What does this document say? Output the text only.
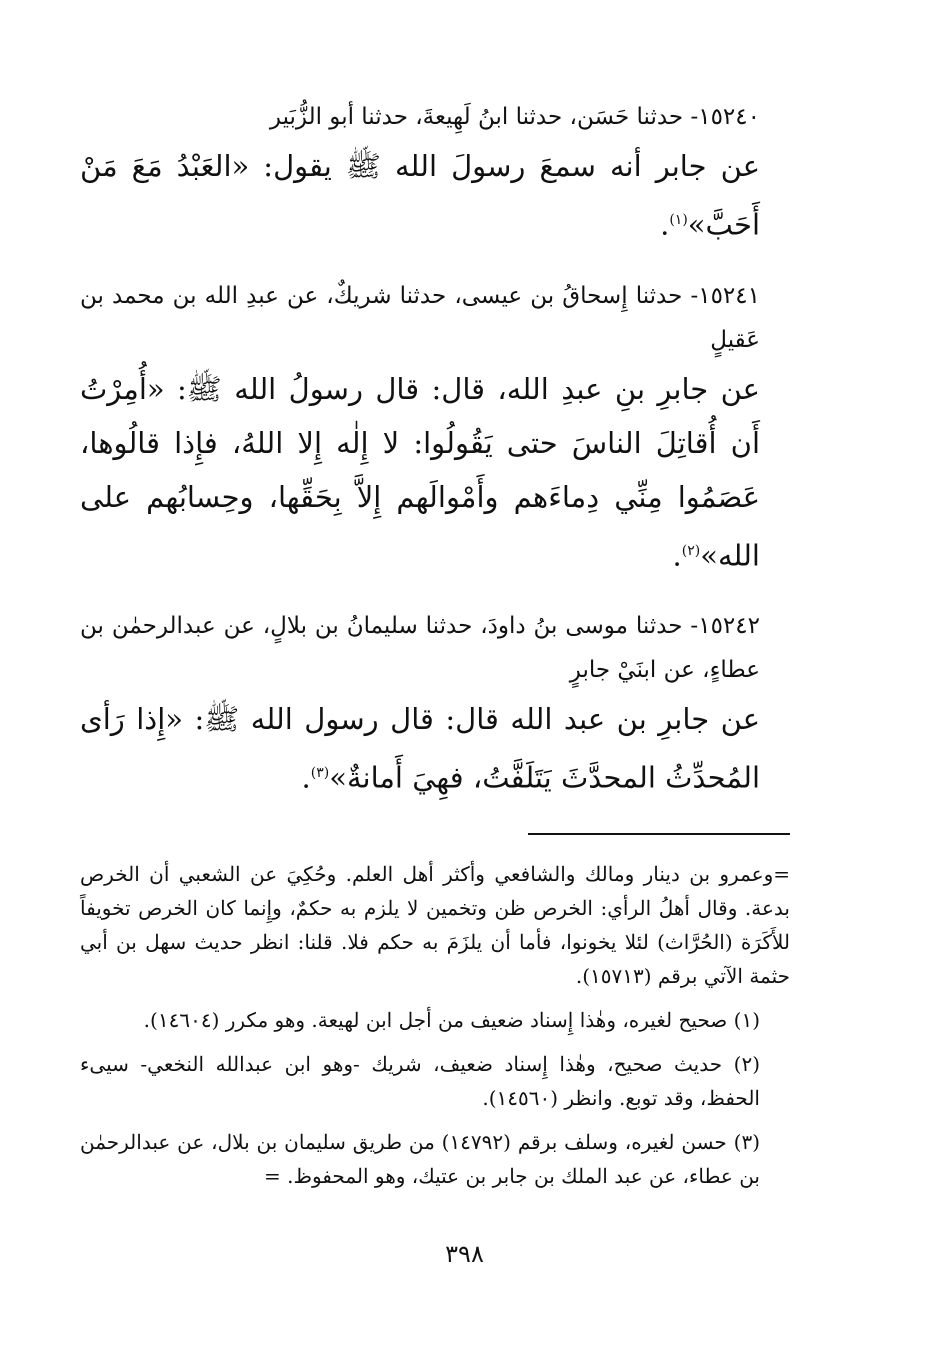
١٥٢٤٠- حدثنا حَسَن، حدثنا ابنُ لَهِيعةَ، حدثنا أبو الزُّبَير

عن جابر أنه سمعَ رسولَ الله ﷺ يقول: «العَبْدُ مَعَ مَنْ أَحَبَّ»$^{(١)}$.

١٥٢٤١- حدثنا إِسحاقُ بن عيسى، حدثنا شريكٌ، عن عبدِ الله بن محمد بن عَقيلٍ

عن جابرِ بنِ عبدِ الله، قال: قال رسولُ الله ﷺ: «أُمِرْتُ أَن أُقاتِلَ الناسَ حتى يَقُولُوا: لا إِلٰه إِلا اللهُ، فإِذا قالُوها، عَصَمُوا مِنِّي دِماءَهم وأَمْوالَهم إِلاَّ بِحَقِّها، وحِسابُهم على الله»$^{(٢)}$.

١٥٢٤٢- حدثنا موسى بنُ داودَ، حدثنا سليمانُ بن بلالٍ، عن عبدالرحمٰن بن عطاءٍ، عن ابنَيْ جابرٍ

عن جابرِ بن عبد الله قال: قال رسول الله ﷺ: «إِذا رَأى المُحدِّثُ المحدَّثَ يَتَلَفَّتُ، فهِيَ أَمانةٌ»$^{(٣)}$.

=وعمرو بن دينار ومالك والشافعي وأكثر أهل العلم. وحُكِيَ عن الشعبي أن الخرص بدعة. وقال أهلُ الرأي: الخرص ظن وتخمين لا يلزم به حكمٌ، وإِنما كان الخرص تخويفاً للأَكَرَة (الحُرَّاث) لئلا يخونوا، فأما أن يلزَمَ به حكم فلا. قلنا: انظر حديث سهل بن أبي حثمة الآتي برقم (١٥٧١٣).

(١) صحيح لغيره، وهٰذا إِسناد ضعيف من أجل ابن لهيعة. وهو مكرر (١٤٦٠٤).

(٢) حديث صحيح، وهٰذا إِسناد ضعيف، شريك -وهو ابن عبدالله النخعي- سيىء الحفظ، وقد توبع. وانظر (١٤٥٦٠).

(٣) حسن لغيره، وسلف برقم (١٤٧٩٢) من طريق سليمان بن بلال، عن عبدالرحمٰن بن عطاء، عن عبد الملك بن جابر بن عتيك، وهو المحفوظ. =

٣٩٨
